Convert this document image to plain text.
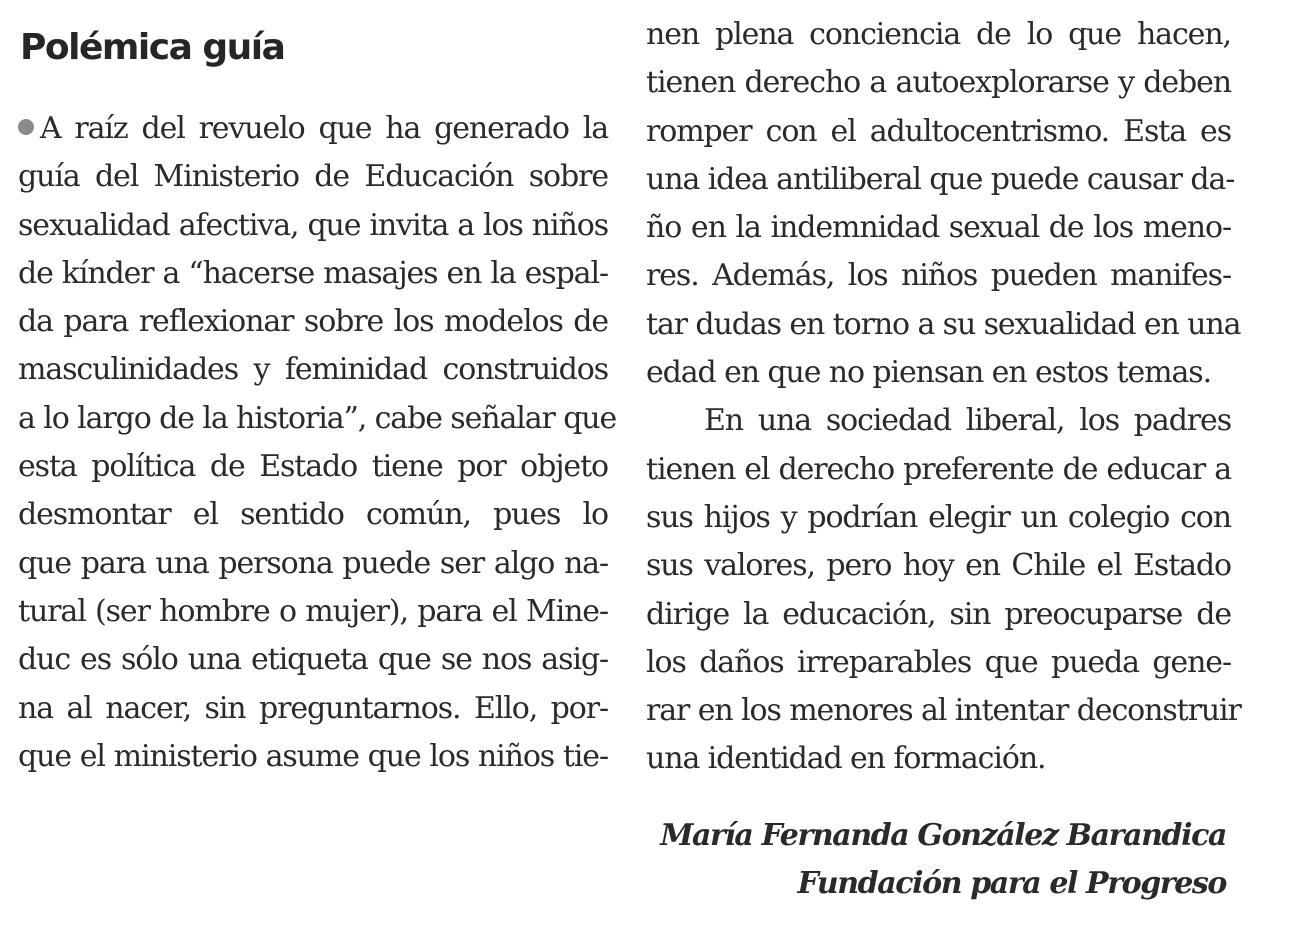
Polémica guía
A raíz del revuelo que ha generado la
guía del Ministerio de Educación sobre
sexualidad afectiva, que invita a los niños
de kínder a “hacerse masajes en la espal-
da para reflexionar sobre los modelos de
masculinidades y feminidad construidos
a lo largo de la historia”, cabe señalar que
esta política de Estado tiene por objeto
desmontar el sentido común, pues lo
que para una persona puede ser algo na-
tural (ser hombre o mujer), para el Mine-
duc es sólo una etiqueta que se nos asig-
na al nacer, sin preguntarnos. Ello, por-
que el ministerio asume que los niños tie-
nen plena conciencia de lo que hacen,
tienen derecho a autoexplorarse y deben
romper con el adultocentrismo. Esta es
una idea antiliberal que puede causar da-
ño en la indemnidad sexual de los meno-
res. Además, los niños pueden manifes-
tar dudas en torno a su sexualidad en una
edad en que no piensan en estos temas.
En una sociedad liberal, los padres
tienen el derecho preferente de educar a
sus hijos y podrían elegir un colegio con
sus valores, pero hoy en Chile el Estado
dirige la educación, sin preocuparse de
los daños irreparables que pueda gene-
rar en los menores al intentar deconstruir
una identidad en formación.
María Fernanda González Barandica
Fundación para el Progreso
